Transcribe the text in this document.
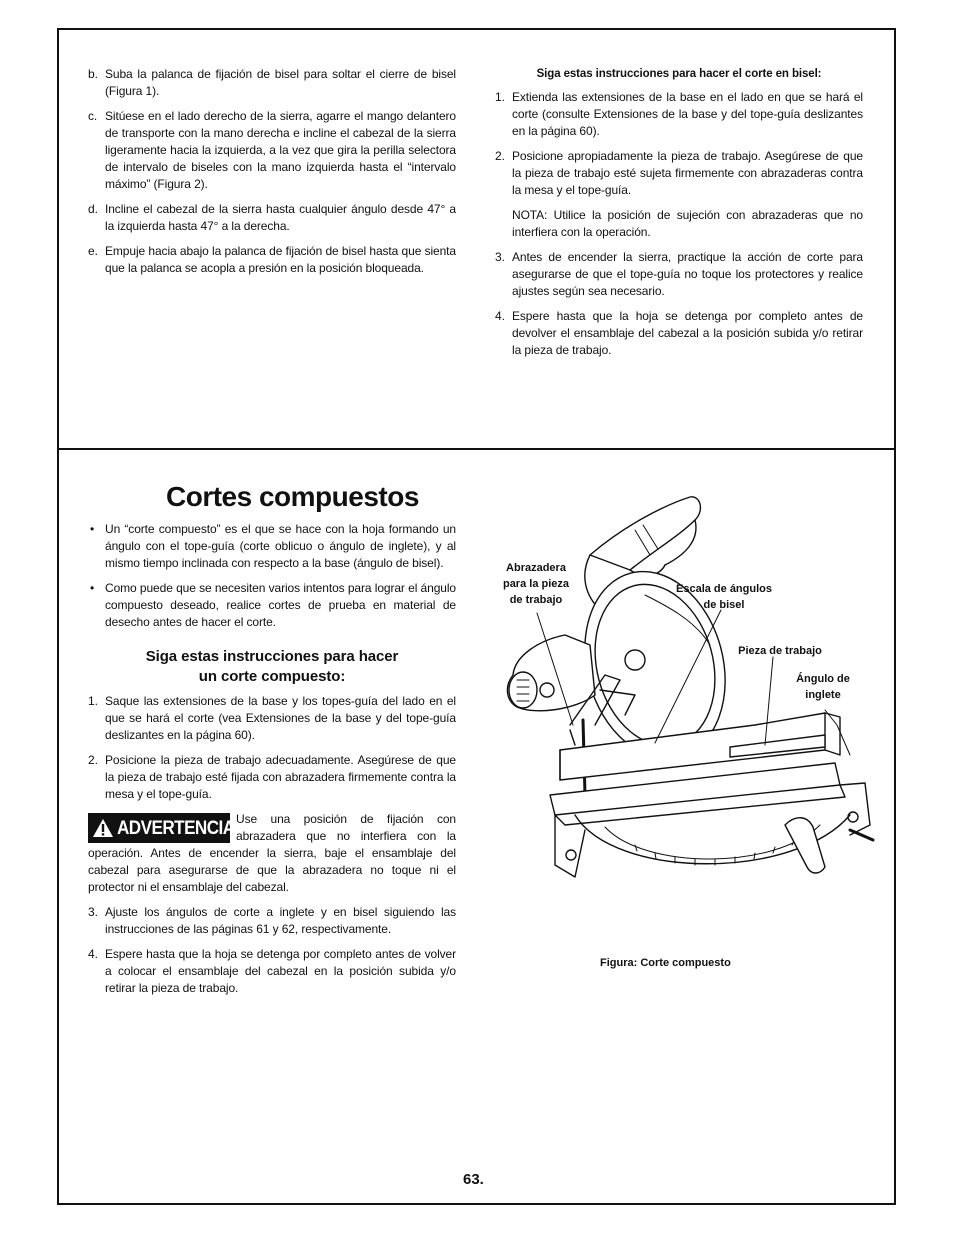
b. Suba la palanca de fijación de bisel para soltar el cierre de bisel (Figura 1).
c. Sitúese en el lado derecho de la sierra, agarre el mango delantero de transporte con la mano derecha e incline el cabezal de la sierra ligeramente hacia la izquierda, a la vez que gira la perilla selectora de intervalo de biseles con la mano izquierda hasta el “intervalo máximo” (Figura 2).
d. Incline el cabezal de la sierra hasta cualquier ángulo desde 47° a la izquierda hasta 47° a la derecha.
e. Empuje hacia abajo la palanca de fijación de bisel hasta que sienta que la palanca se acopla a presión en la posición bloqueada.
Siga estas instrucciones para hacer el corte en bisel:
1. Extienda las extensiones de la base en el lado en que se hará el corte (consulte Extensiones de la base y del tope-guía deslizantes en la página 60).
2. Posicione apropiadamente la pieza de trabajo. Asegúrese de que la pieza de trabajo esté sujeta firmemente con abrazaderas contra la mesa y el tope-guía.
NOTA: Utilice la posición de sujeción con abrazaderas que no interfiera con la operación.
3. Antes de encender la sierra, practique la acción de corte para asegurarse de que el tope-guía no toque los protectores y realice ajustes según sea necesario.
4. Espere hasta que la hoja se detenga por completo antes de devolver el ensamblaje del cabezal a la posición subida y/o retirar la pieza de trabajo.
Cortes compuestos
• Un “corte compuesto” es el que se hace con la hoja formando un ángulo con el tope-guía (corte oblicuo o ángulo de inglete), y al mismo tiempo inclinada con respecto a la base (ángulo de bisel).
• Como puede que se necesiten varios intentos para lograr el ángulo compuesto deseado, realice cortes de prueba en material de desecho antes de hacer el corte.
Siga estas instrucciones para hacer
un corte compuesto:
1. Saque las extensiones de la base y los topes-guía del lado en el que se hará el corte (vea Extensiones de la base y del tope-guía deslizantes en la página 60).
2. Posicione la pieza de trabajo adecuadamente. Asegúrese de que la pieza de trabajo esté fijada con abrazadera firmemente contra la mesa y el tope-guía.
ADVERTENCIA Use una posición de fijación con abrazadera que no interfiera con la operación. Antes de encender la sierra, baje el ensamblaje del cabezal para asegurarse de que la abrazadera no toque ni el protector ni el ensamblaje del cabezal.
3. Ajuste los ángulos de corte a inglete y en bisel siguiendo las instrucciones de las páginas 61 y 62, respectivamente.
4. Espere hasta que la hoja se detenga por completo antes de volver a colocar el ensamblaje del cabezal en la posición subida y/o retirar la pieza de trabajo.
Abrazadera
para la pieza
de trabajo
Escala de ángulos
de bisel
Pieza de trabajo
Ángulo de
inglete
Figura: Corte compuesto
63.
